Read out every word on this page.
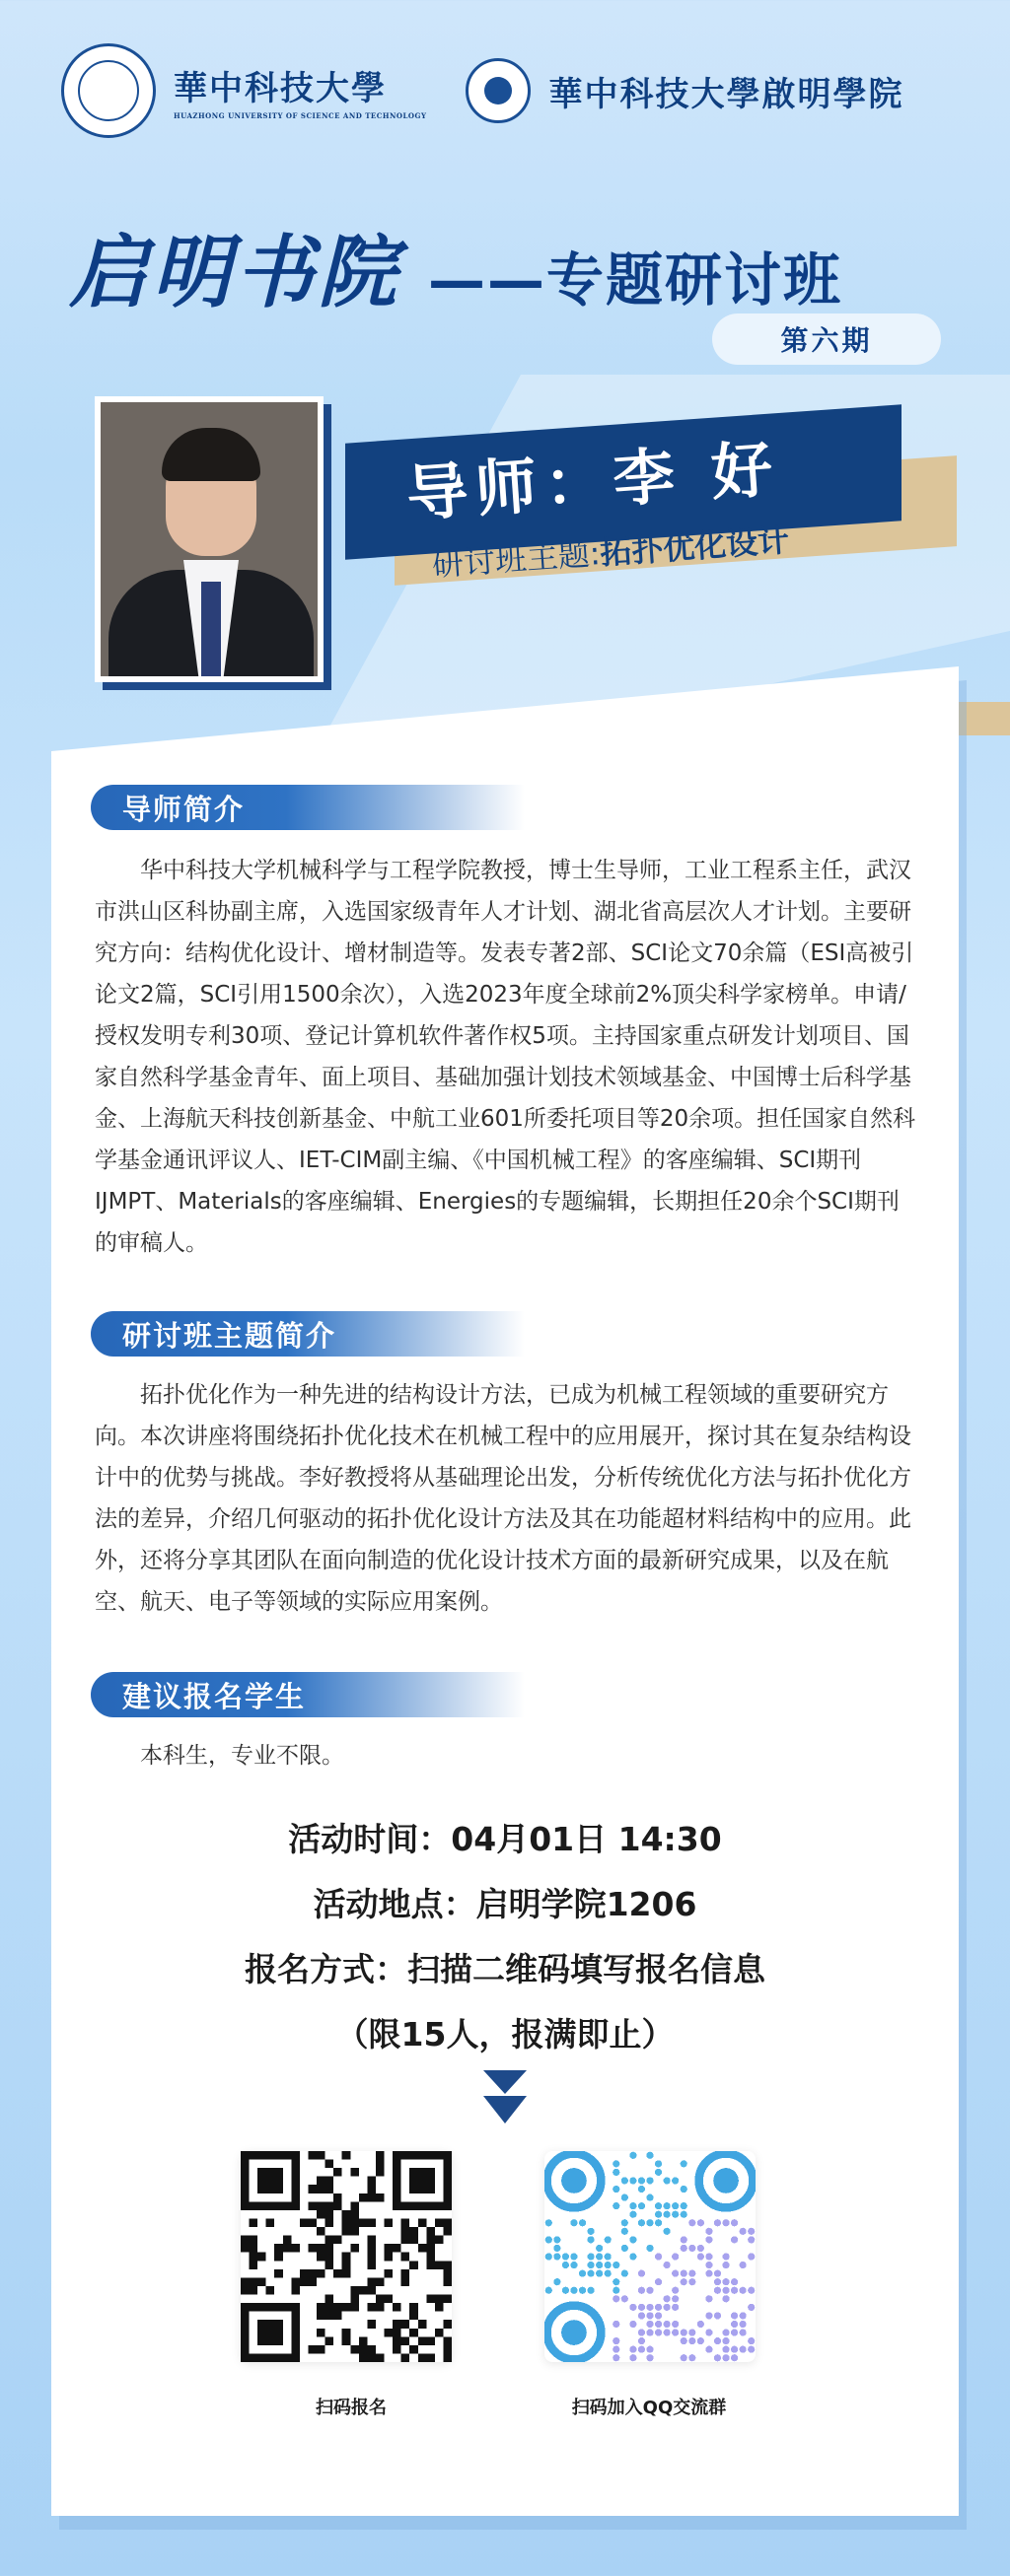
華中科技大學
HUAZHONG UNIVERSITY OF SCIENCE AND TECHNOLOGY
華中科技大學啟明學院
启明书院 ——专题研讨班
第六期
导师：李 好
研讨班主题:拓扑优化设计
导师简介

华中科技大学机械科学与工程学院教授，博士生导师，工业工程系主任，武汉市洪山区科协副主席，入选国家级青年人才计划、湖北省高层次人才计划。主要研究方向：结构优化设计、增材制造等。发表专著2部、SCI论文70余篇（ESI高被引论文2篇，SCI引用1500余次），入选2023年度全球前2%顶尖科学家榜单。申请/授权发明专利30项、登记计算机软件著作权5项。主持国家重点研发计划项目、国家自然科学基金青年、面上项目、基础加强计划技术领域基金、中国博士后科学基金、上海航天科技创新基金、中航工业601所委托项目等20余项。担任国家自然科学基金通讯评议人、IET-CIM副主编、《中国机械工程》的客座编辑、SCI期刊IJMPT、Materials的客座编辑、Energies的专题编辑，长期担任20余个SCI期刊的审稿人。

研讨班主题简介

拓扑优化作为一种先进的结构设计方法，已成为机械工程领域的重要研究方向。本次讲座将围绕拓扑优化技术在机械工程中的应用展开，探讨其在复杂结构设计中的优势与挑战。李好教授将从基础理论出发，分析传统优化方法与拓扑优化方法的差异，介绍几何驱动的拓扑优化设计方法及其在功能超材料结构中的应用。此外，还将分享其团队在面向制造的优化设计技术方面的最新研究成果，以及在航空、航天、电子等领域的实际应用案例。

建议报名学生

本科生，专业不限。

活动时间：04月01日 14:30
活动地点：启明学院1206
报名方式：扫描二维码填写报名信息
（限15人，报满即止）
扫码报名	扫码加入QQ交流群
